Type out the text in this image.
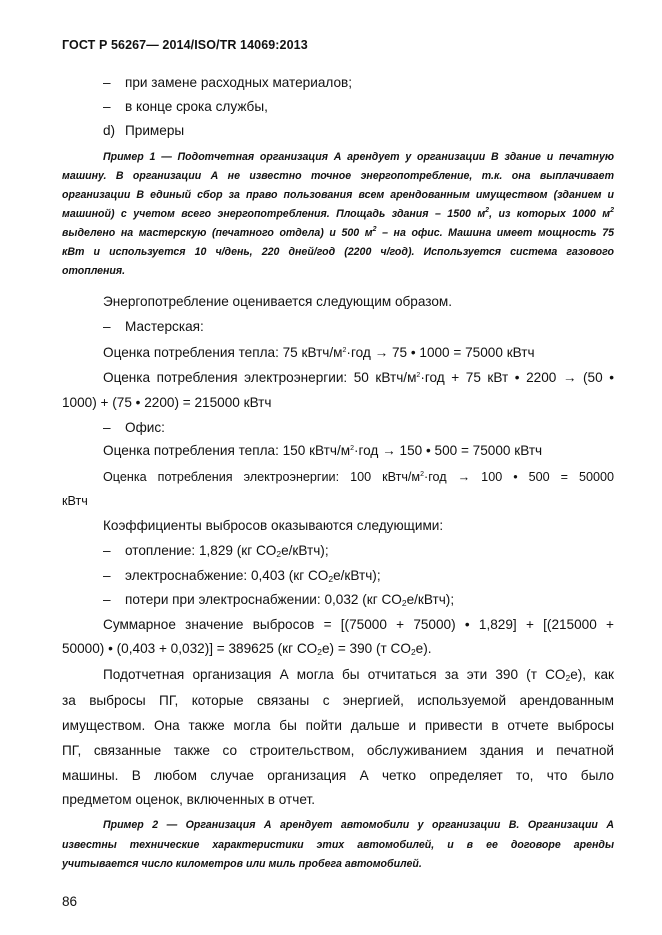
ГОСТ Р 56267— 2014/ISO/TR 14069:2013
– при замене расходных материалов;
– в конце срока службы,
d) Примеры
Пример 1 — Подотчетная организация А арендует у организации В здание и печатную
машину. В организации А не известно точное энергопотребление, т.к. она выплачивает
организации В единый сбор за право пользования всем арендованным имуществом (зданием и
машиной) с учетом всего энергопотребления. Площадь здания – 1500 $м^2$, из которых 1000 $м^2$
выделено на мастерскую (печатного отдела) и 500 $м^2$ – на офис. Машина имеет мощность 75
кВт и используется 10 ч/день, 220 дней/год (2200 ч/год). Используется система газового
отопления.
Энергопотребление оценивается следующим образом.
– Мастерская:
Оценка потребления тепла: 75 кВтч/$м^2\cdot год \to 75$ • 1000 = 75000 кВтч
Оценка потребления электроэнергии: 50 кВтч/$м^2\cdot год + 75$ кВт • 2200 → (50 •
1000) + (75 • 2200) = 215000 кВтч
– Офис:
Оценка потребления тепла: 150 кВтч/$м^2\cdot год \to 150$ • 500 = 75000 кВтч
Оценка потребления электроэнергии: 100 кВтч/$м^2\cdot год \to 100$ • 500 = 50000
кВтч
Коэффициенты выбросов оказываются следующими:
– отопление: 1,829 (кг $CO_2e/кВтч$);
– электроснабжение: 0,403 (кг $CO_2e/кВтч$);
– потери при электроснабжении: 0,032 (кг $CO_2e/кВтч$);
Суммарное значение выбросов = [(75000 + 75000) • 1,829] + [(215000 +
50000) • (0,403 + 0,032)] = 389625 (кг $CO_2e) = 390$ (т $CO_2e$).
Подотчетная организация А могла бы отчитаться за эти 390 (т $CO_2e$), как
за выбросы ПГ, которые связаны с энергией, используемой арендованным
имуществом. Она также могла бы пойти дальше и привести в отчете выбросы
ПГ, связанные также со строительством, обслуживанием здания и печатной
машины. В любом случае организация А четко определяет то, что было
предметом оценок, включенных в отчет.
Пример 2 — Организация А арендует автомобили у организации В. Организации А
известны технические характеристики этих автомобилей, и в ее договоре аренды
учитывается число километров или миль пробега автомобилей.
86
